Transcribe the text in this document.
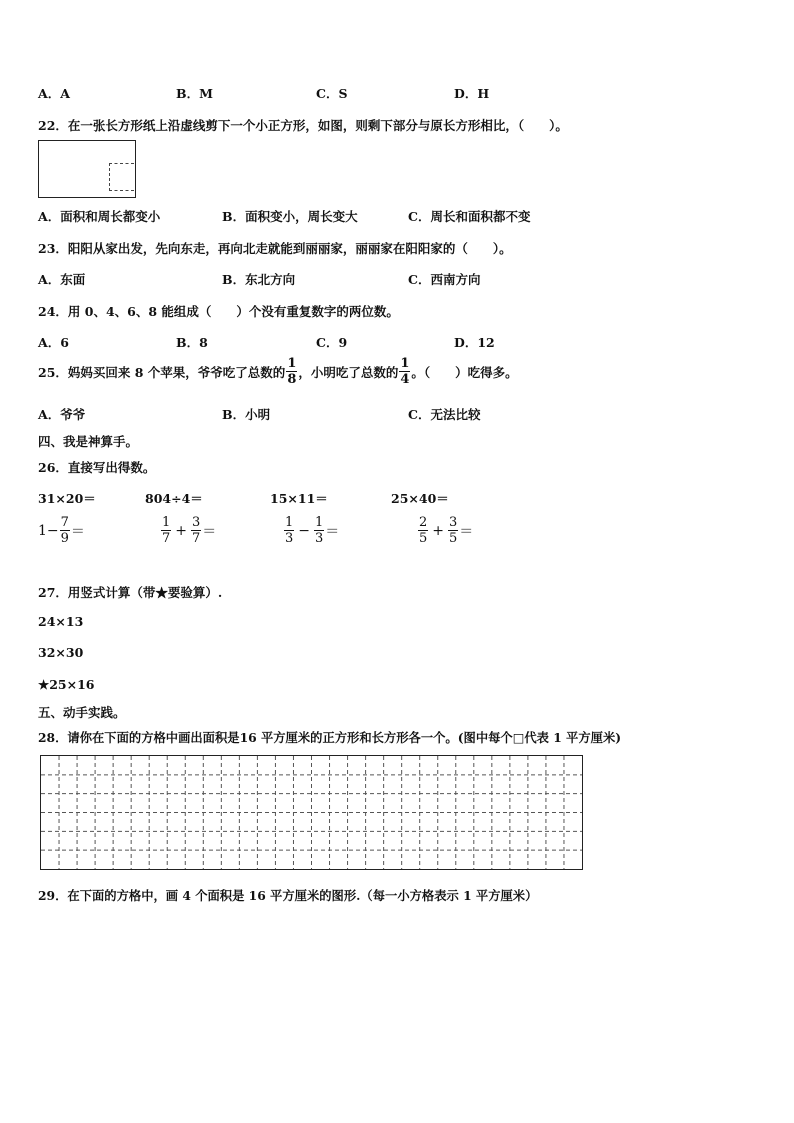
A．A	B．M	C．S	D．H
22．在一张长方形纸上沿虚线剪下一个小正方形，如图，则剩下部分与原长方形相比，（　　）。
A．面积和周长都变小	B．面积变小，周长变大	C．周长和面积都不变
23．阳阳从家出发，先向东走，再向北走就能到丽丽家，丽丽家在阳阳家的（　　）。
A．东面	B．东北方向	C．西南方向
24．用 0、4、6、8 能组成（　　）个没有重复数字的两位数。
A．6	B．8	C．9	D．12
25．妈妈买回来 8 个苹果，爷爷吃了总数的 $\frac{1}{8}$ ，小明吃了总数的 $\frac{1}{4}$ 。（　　）吃得多。
A．爷爷	B．小明	C．无法比较
四、我是神算手。
26．直接写出得数。
31×20＝	804÷4＝	15×11＝	25×40＝
$1- \frac{7}{9}$ ＝	$\frac{1}{7} + \frac{3}{7}$ ＝	$\frac{1}{3} - \frac{1}{3}$ ＝	$\frac{2}{5} + \frac{3}{5}$ ＝
27．用竖式计算（带★要验算）.
24×13
32×30
★25×16
五、动手实践。
28．请你在下面的方格中画出面积是16 平方厘米的正方形和长方形各一个。(图中每个□代表 1 平方厘米)
29．在下面的方格中，画 4 个面积是 16 平方厘米的图形.（每一小方格表示 1 平方厘米）
